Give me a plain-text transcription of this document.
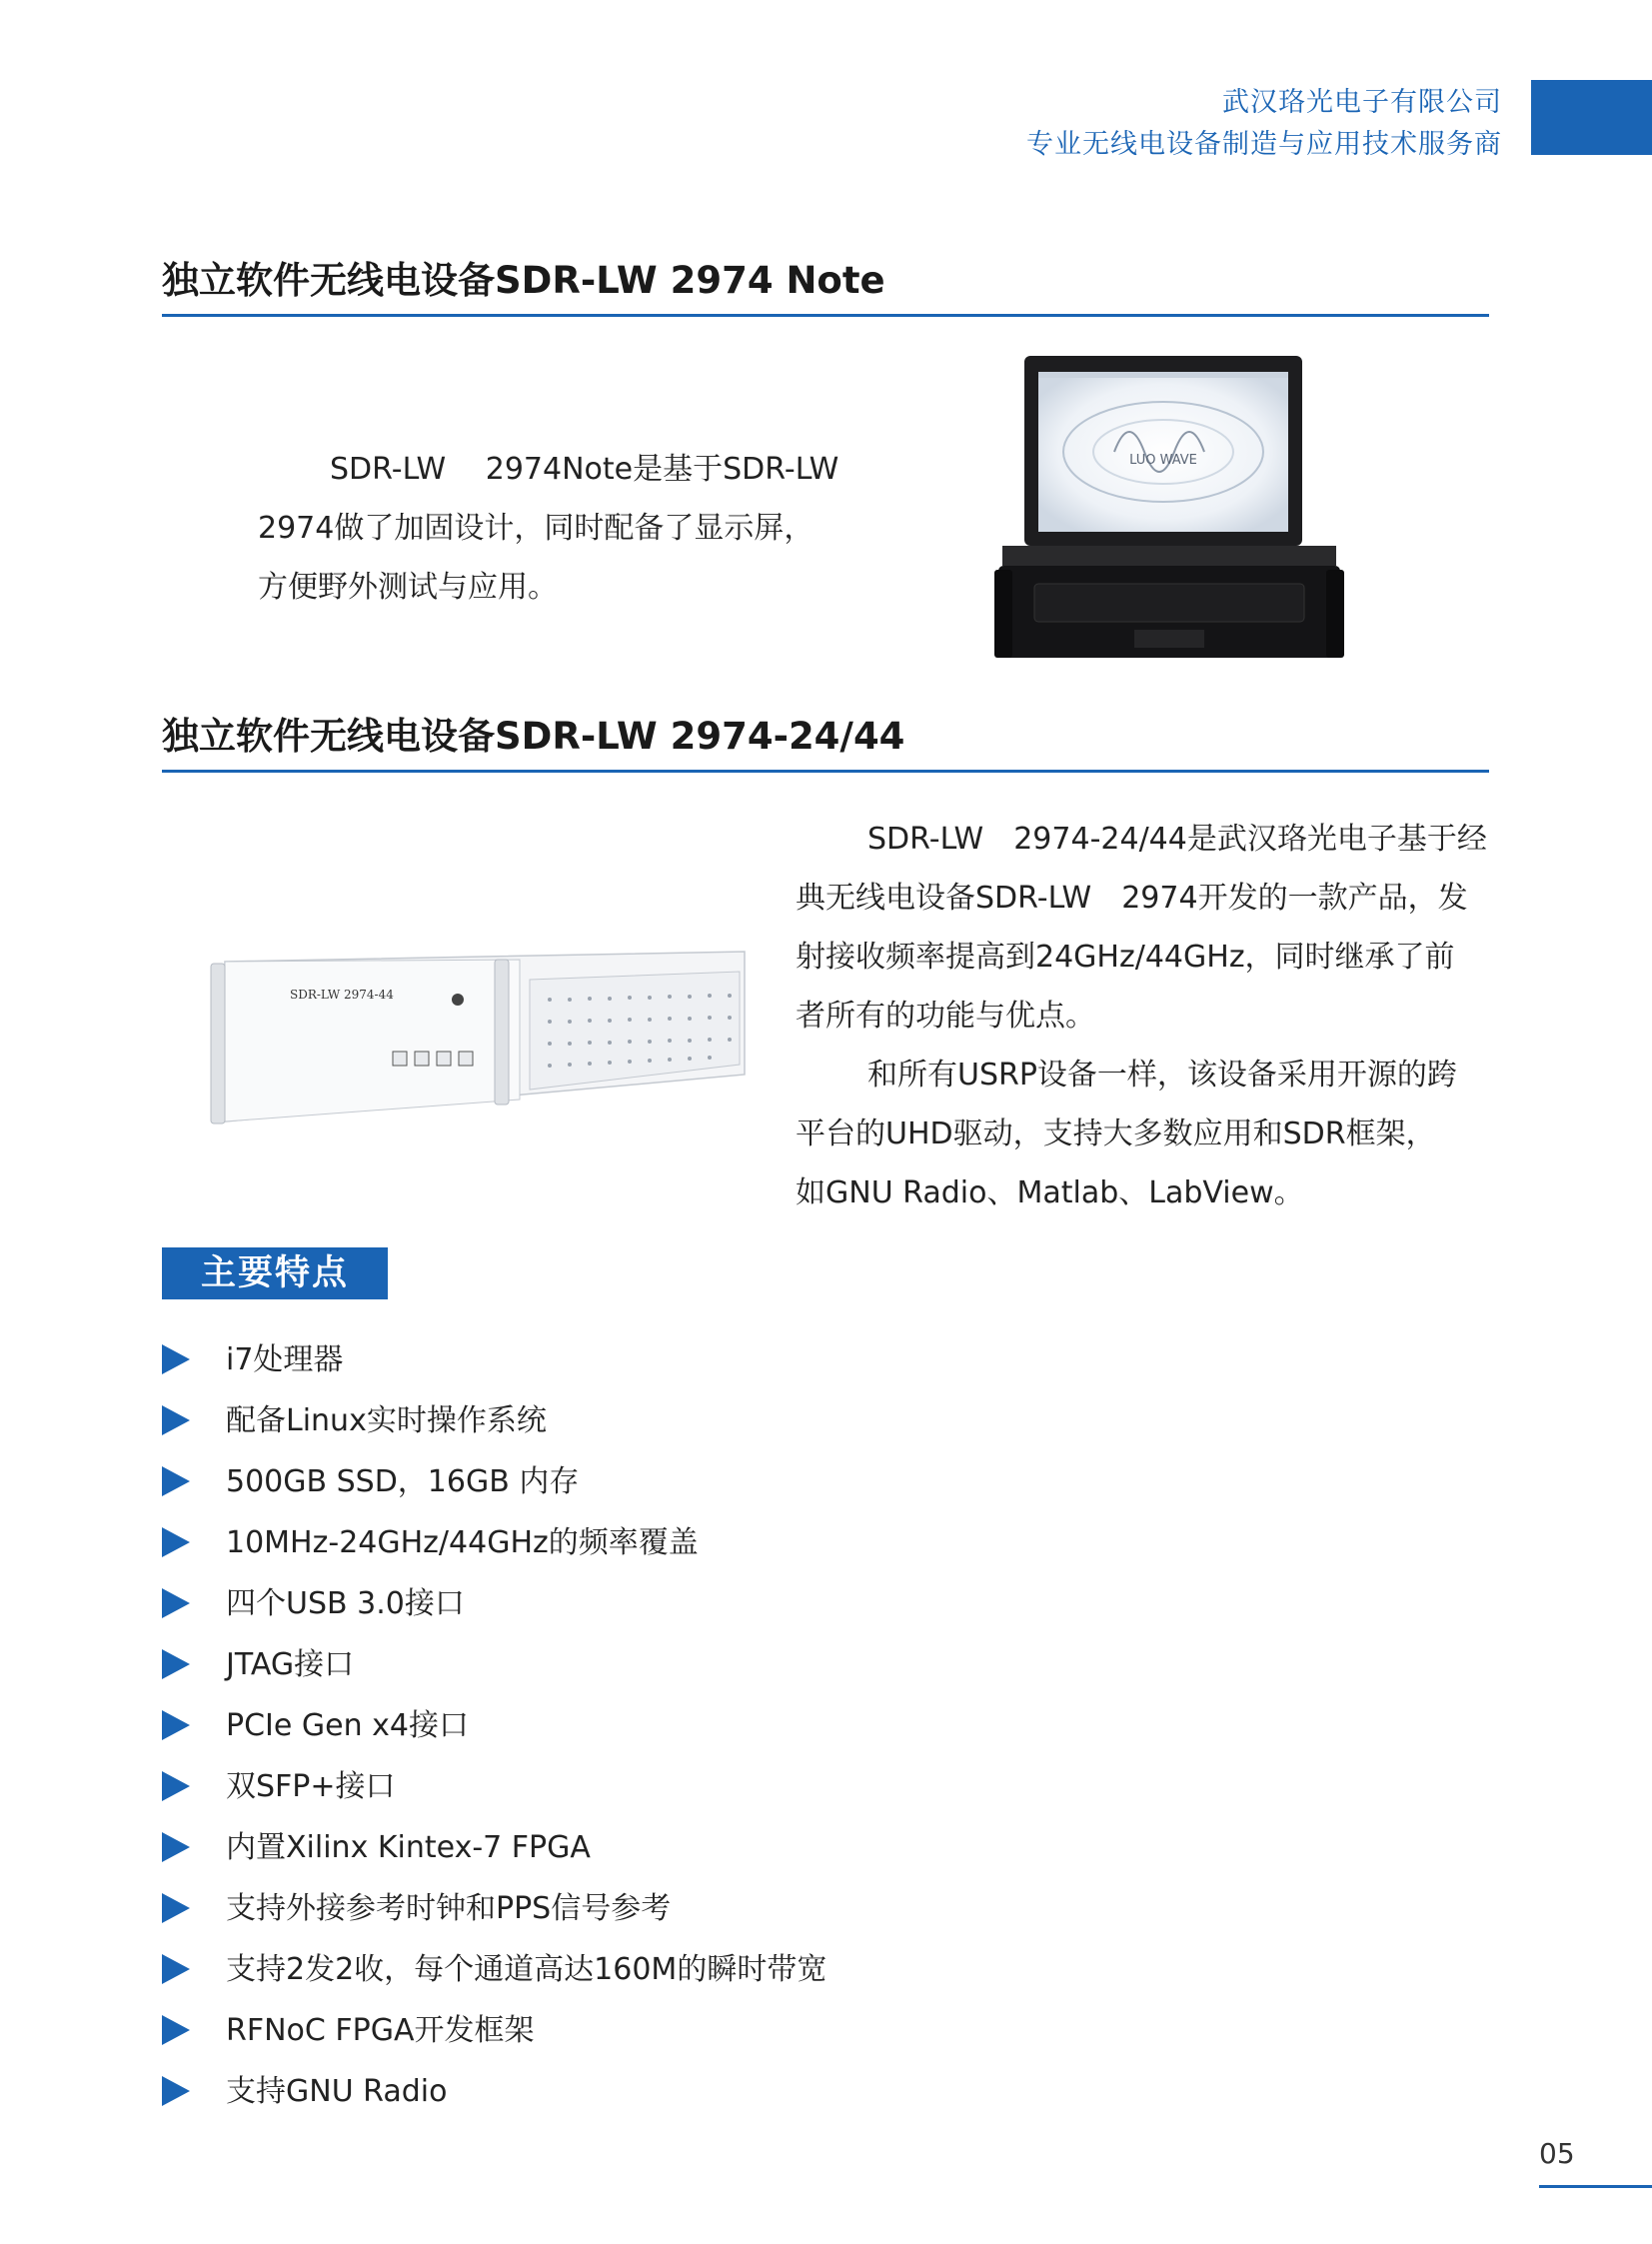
武汉珞光电子有限公司
专业无线电设备制造与应用技术服务商
独立软件无线电设备SDR-LW 2974 Note

SDR-LW　 2974Note是基于SDR-LW

2974做了加固设计，同时配备了显示屏，

方便野外测试与应用。

LUO WAVE
独立软件无线电设备SDR-LW 2974-24/44
SDR-LW 2974-44

SDR-LW　2974-24/44是武汉珞光电子基于经

典无线电设备SDR-LW　2974开发的一款产品，发

射接收频率提高到24GHz/44GHz，同时继承了前

者所有的功能与优点。

和所有USRP设备一样，该设备采用开源的跨

平台的UHD驱动，支持大多数应用和SDR框架，

如GNU Radio、Matlab、LabView。

主要特点
i7处理器
配备Linux实时操作系统
500GB SSD，16GB 内存
10MHz-24GHz/44GHz的频率覆盖
四个USB 3.0接口
JTAG接口
PCIe Gen x4接口
双SFP+接口
内置Xilinx Kintex-7 FPGA
支持外接参考时钟和PPS信号参考
支持2发2收，每个通道高达160M的瞬时带宽
RFNoC FPGA开发框架
支持GNU Radio
05
